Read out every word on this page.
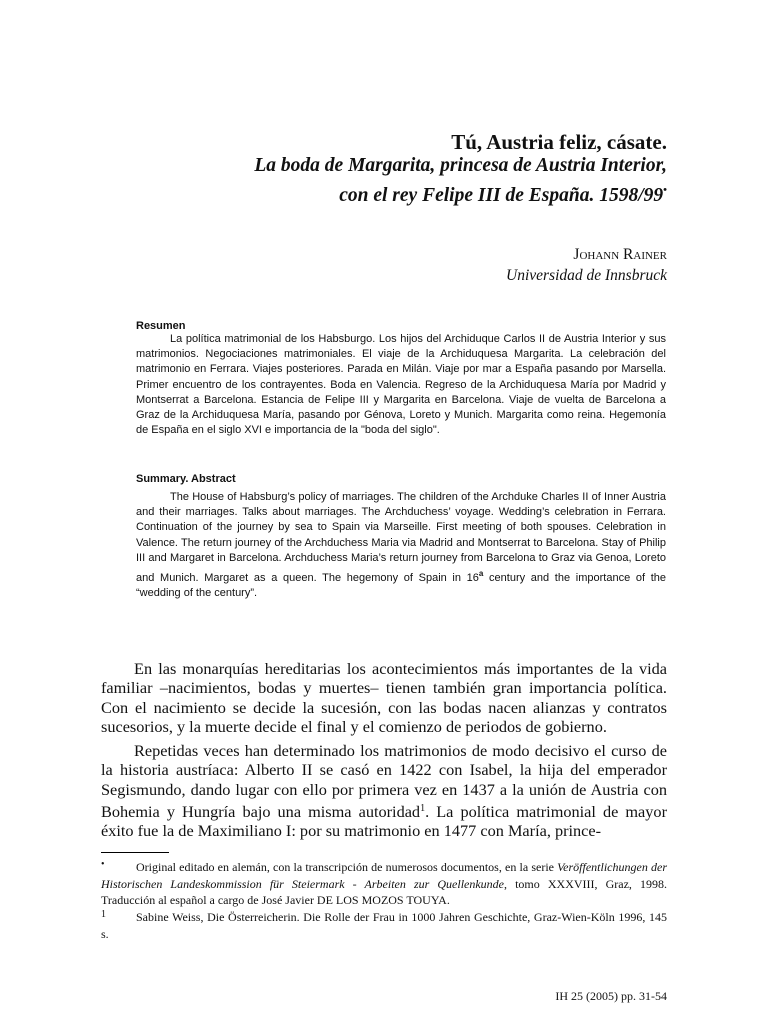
Tú, Austria feliz, cásate.
La boda de Margarita, princesa de Austria Interior,
con el rey Felipe III de España. 1598/99•
Johann Rainer
Universidad de Innsbruck
Resumen
La política matrimonial de los Habsburgo. Los hijos del Archiduque Carlos II de Austria Interior y sus matrimonios. Negociaciones matrimoniales. El viaje de la Archiduquesa Margarita. La celebración del matrimonio en Ferrara. Viajes posteriores. Parada en Milán. Viaje por mar a España pasando por Marsella. Primer encuentro de los contrayentes. Boda en Valencia. Regreso de la Archiduquesa María por Madrid y Montserrat a Barcelona. Estancia de Felipe III y Margarita en Barcelona. Viaje de vuelta de Barcelona a Graz de la Archiduquesa María, pasando por Génova, Loreto y Munich. Margarita como reina. Hegemonía de España en el siglo XVI e importancia de la "boda del siglo".
Summary. Abstract
The House of Habsburg’s policy of marriages. The children of the Archduke Charles II of Inner Austria and their marriages. Talks about marriages. The Archduchess’ voyage. Wedding’s celebration in Ferrara. Continuation of the journey by sea to Spain via Marseille. First meeting of both spouses. Celebration in Valence. The return journey of the Archduchess Maria via Madrid and Montserrat to Barcelona. Stay of Philip III and Margaret in Barcelona. Archduchess Maria’s return journey from Barcelona to Graz via Genoa, Loreto and Munich. Margaret as a queen. The hegemony of Spain in 16$^a$ century and the importance of the “wedding of the century”.
En las monarquías hereditarias los acontecimientos más importantes de la vida familiar –nacimientos, bodas y muertes– tienen también gran importancia política. Con el nacimiento se decide la sucesión, con las bodas nacen alianzas y contratos sucesorios, y la muerte decide el final y el comienzo de periodos de gobierno.
Repetidas veces han determinado los matrimonios de modo decisivo el curso de la historia austríaca: Alberto II se casó en 1422 con Isabel, la hija del emperador Segismundo, dando lugar con ello por primera vez en 1437 a la unión de Austria con Bohemia y Hungría bajo una misma autoridad$^1$. La política matrimonial de mayor éxito fue la de Maximiliano I: por su matrimonio en 1477 con María, prince-
•	Original editado en alemán, con la transcripción de numerosos documentos, en la serie Veröffentlichungen der Historischen Landeskommission für Steiermark - Arbeiten zur Quellenkunde, tomo XXXVIII, Graz, 1998. Traducción al español a cargo de José Javier DE LOS MOZOS TOUYA.
1	Sabine Weiss, Die Österreicherin. Die Rolle der Frau in 1000 Jahren Geschichte, Graz-Wien-Köln 1996, 145 s.
IH 25 (2005) pp. 31-54
